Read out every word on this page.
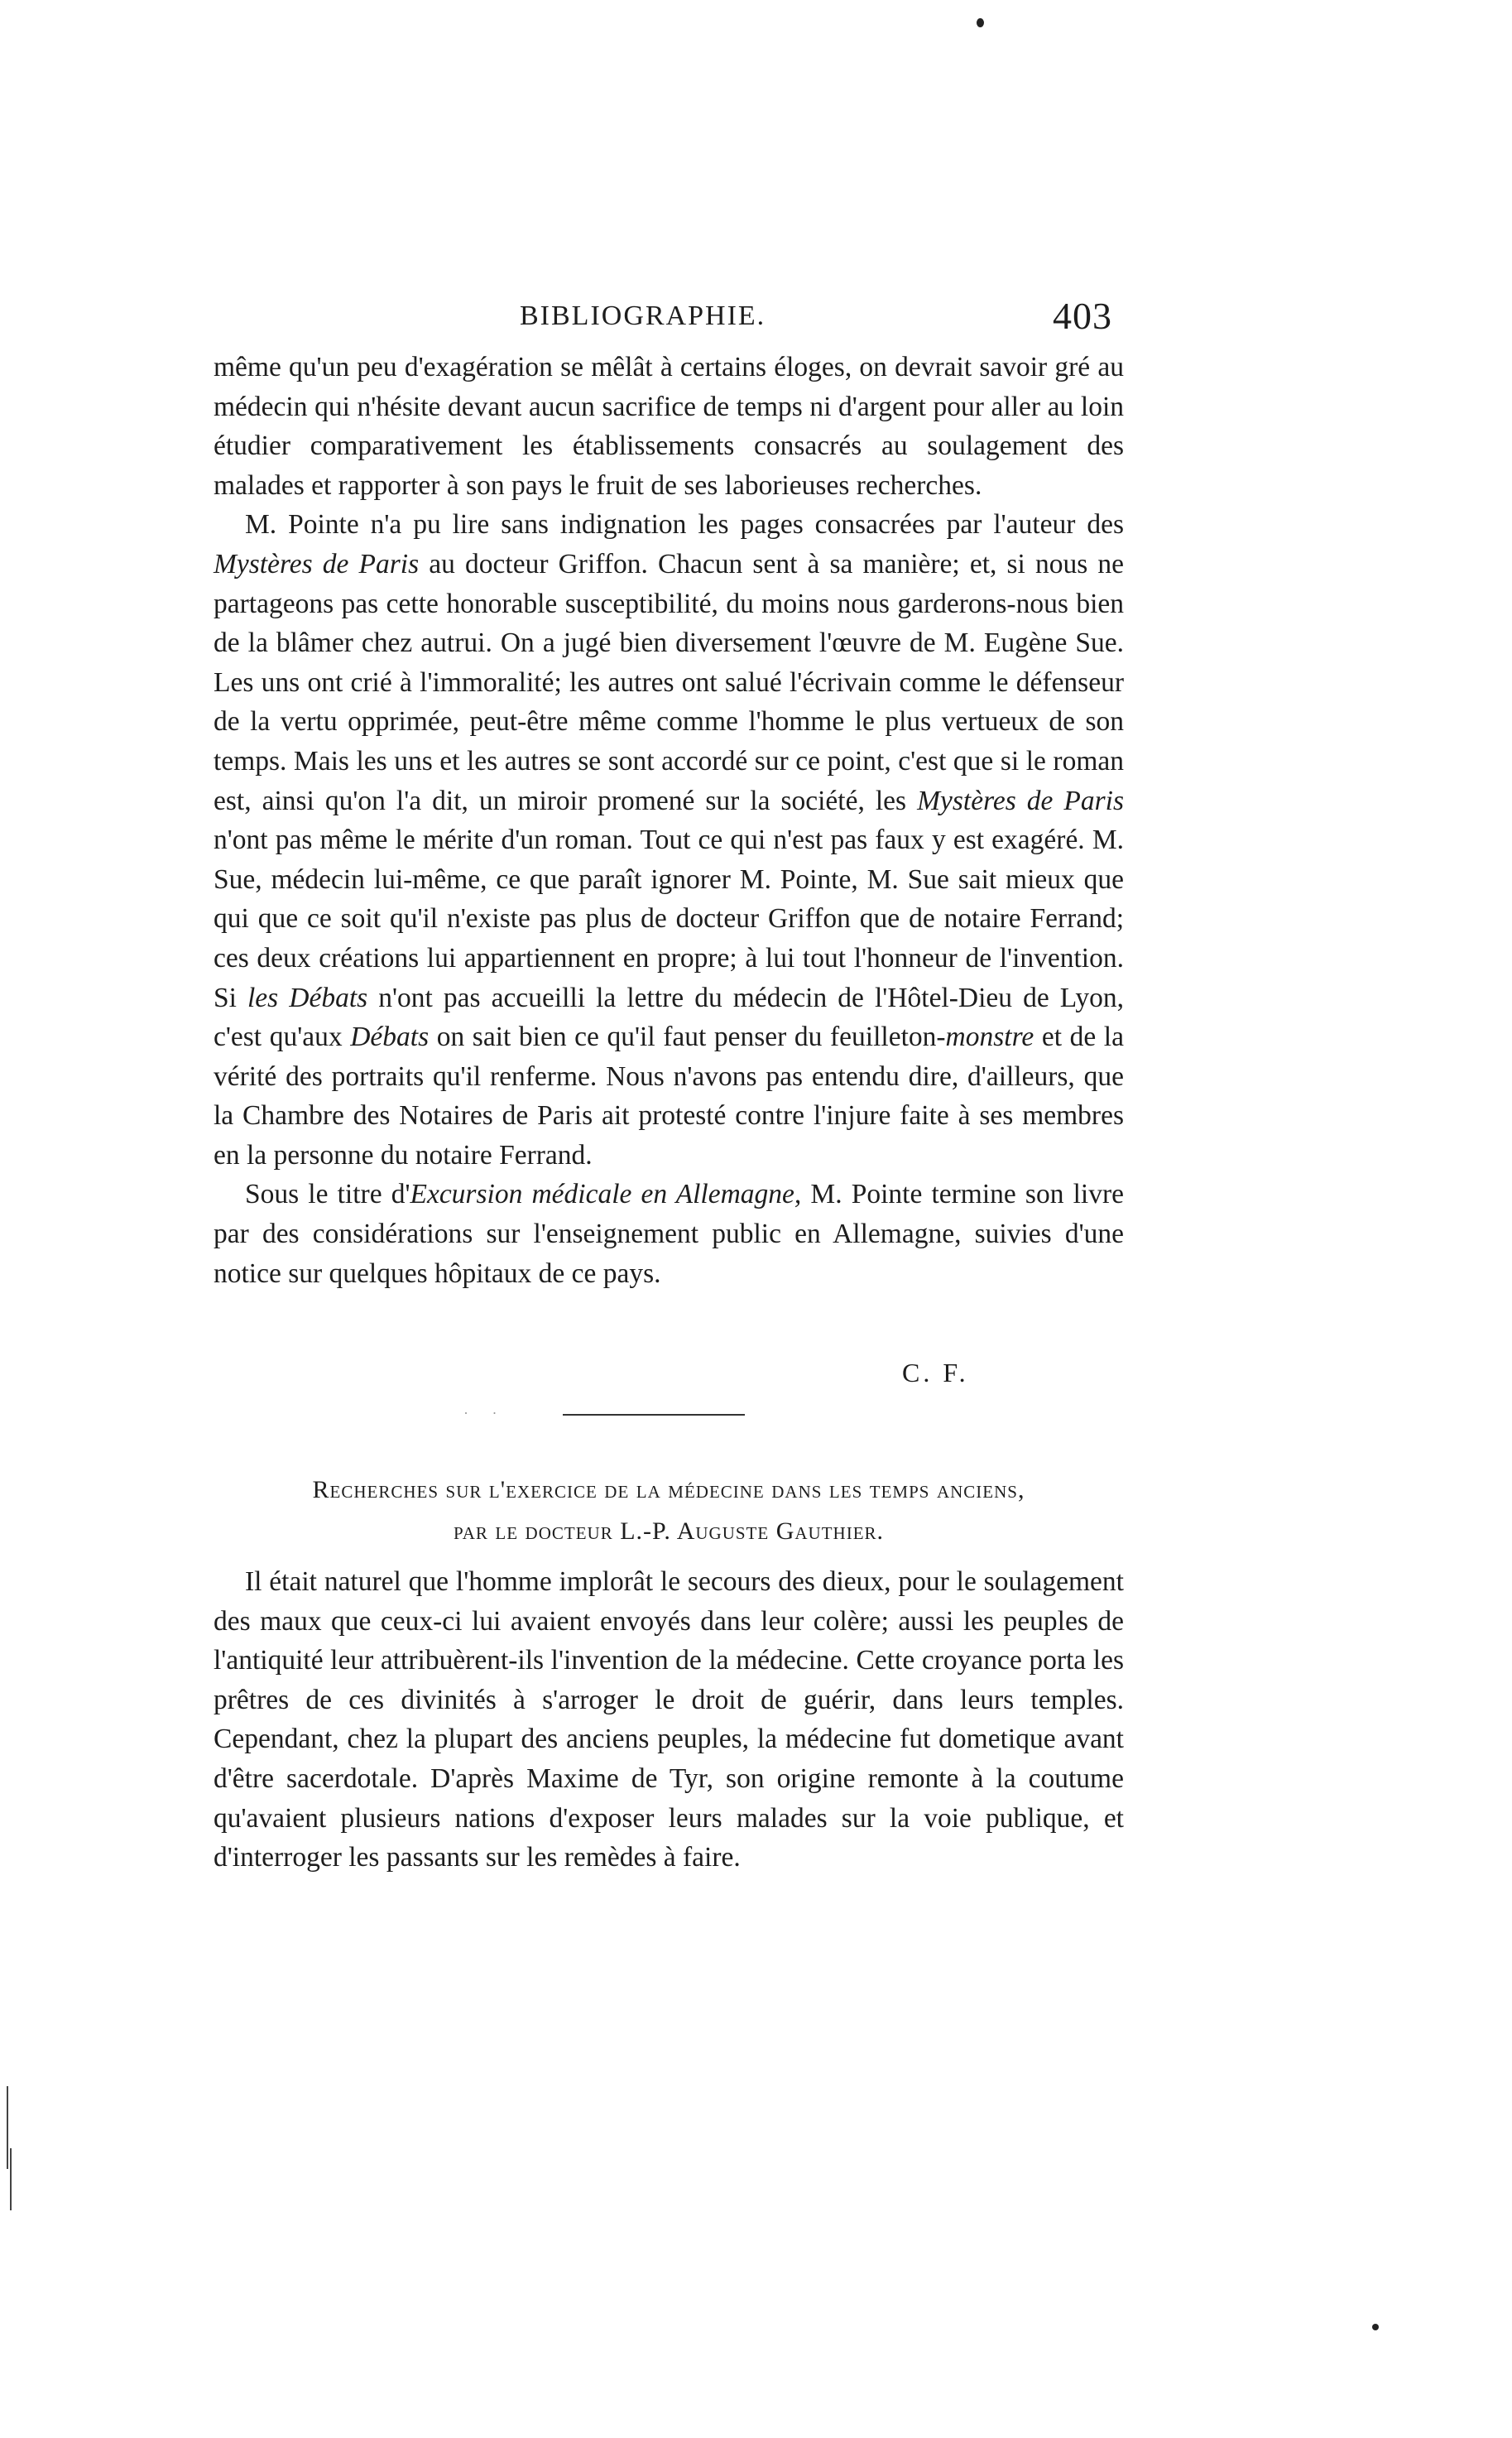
BIBLIOGRAPHIE.	403

même qu'un peu d'exagération se mêlât à certains éloges, on devrait savoir gré au médecin qui n'hésite devant aucun sacrifice de temps ni d'argent pour aller au loin étudier comparativement les établissements consacrés au soulagement des malades et rapporter à son pays le fruit de ses laborieuses recherches.

M. Pointe n'a pu lire sans indignation les pages consacrées par l'auteur des Mystères de Paris au docteur Griffon. Chacun sent à sa manière; et, si nous ne partageons pas cette honorable susceptibilité, du moins nous garderons-nous bien de la blâmer chez autrui. On a jugé bien diversement l'œuvre de M. Eugène Sue. Les uns ont crié à l'immoralité; les autres ont salué l'écrivain comme le défenseur de la vertu opprimée, peut-être même comme l'homme le plus vertueux de son temps. Mais les uns et les autres se sont accordé sur ce point, c'est que si le roman est, ainsi qu'on l'a dit, un miroir promené sur la société, les Mystères de Paris n'ont pas même le mérite d'un roman. Tout ce qui n'est pas faux y est exagéré. M. Sue, médecin lui-même, ce que paraît ignorer M. Pointe, M. Sue sait mieux que qui que ce soit qu'il n'existe pas plus de docteur Griffon que de notaire Ferrand; ces deux créations lui appartiennent en propre; à lui tout l'honneur de l'invention. Si les Débats n'ont pas accueilli la lettre du médecin de l'Hôtel-Dieu de Lyon, c'est qu'aux Débats on sait bien ce qu'il faut penser du feuilleton-monstre et de la vérité des portraits qu'il renferme. Nous n'avons pas entendu dire, d'ailleurs, que la Chambre des Notaires de Paris ait protesté contre l'injure faite à ses membres en la personne du notaire Ferrand.

Sous le titre d'Excursion médicale en Allemagne, M. Pointe termine son livre par des considérations sur l'enseignement public en Allemagne, suivies d'une notice sur quelques hôpitaux de ce pays.

C. F.
· ·
Recherches sur l'exercice de la médecine dans les temps anciens,
par le docteur L.-P. Auguste Gauthier.

Il était naturel que l'homme implorât le secours des dieux, pour le soulagement des maux que ceux-ci lui avaient envoyés dans leur colère; aussi les peuples de l'antiquité leur attribuèrent-ils l'invention de la médecine. Cette croyance porta les prêtres de ces divinités à s'arroger le droit de guérir, dans leurs temples. Cependant, chez la plupart des anciens peuples, la médecine fut dometique avant d'être sacerdotale. D'après Maxime de Tyr, son origine remonte à la coutume qu'avaient plusieurs nations d'exposer leurs malades sur la voie publique, et d'interroger les passants sur les remèdes à faire.
